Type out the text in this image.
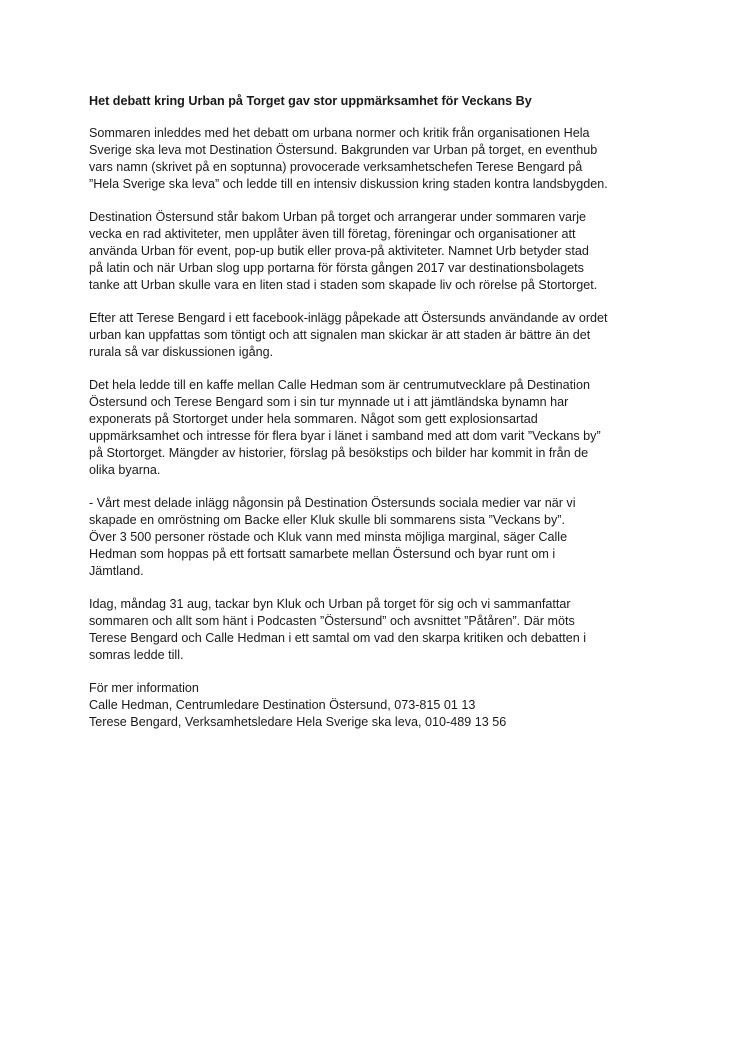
Het debatt kring Urban på Torget gav stor uppmärksamhet för Veckans By
Sommaren inleddes med het debatt om urbana normer och kritik från organisationen Hela
Sverige ska leva mot Destination Östersund. Bakgrunden var Urban på torget, en eventhub
vars namn (skrivet på en soptunna) provocerade verksamhetschefen Terese Bengard på
”Hela Sverige ska leva” och ledde till en intensiv diskussion kring staden kontra landsbygden.
Destination Östersund står bakom Urban på torget och arrangerar under sommaren varje
vecka en rad aktiviteter, men upplåter även till företag, föreningar och organisationer att
använda Urban för event, pop-up butik eller prova-på aktiviteter. Namnet Urb betyder stad
på latin och när Urban slog upp portarna för första gången 2017 var destinationsbolagets
tanke att Urban skulle vara en liten stad i staden som skapade liv och rörelse på Stortorget.
Efter att Terese Bengard i ett facebook-inlägg påpekade att Östersunds användande av ordet
urban kan uppfattas som töntigt och att signalen man skickar är att staden är bättre än det
rurala så var diskussionen igång.
Det hela ledde till en kaffe mellan Calle Hedman som är centrumutvecklare på Destination
Östersund och Terese Bengard som i sin tur mynnade ut i att jämtländska bynamn har
exponerats på Stortorget under hela sommaren. Något som gett explosionsartad
uppmärksamhet och intresse för flera byar i länet i samband med att dom varit ”Veckans by”
på Stortorget. Mängder av historier, förslag på besökstips och bilder har kommit in från de
olika byarna.
- Vårt mest delade inlägg någonsin på Destination Östersunds sociala medier var när vi
skapade en omröstning om Backe eller Kluk skulle bli sommarens sista ”Veckans by”.
Över 3 500 personer röstade och Kluk vann med minsta möjliga marginal, säger Calle
Hedman som hoppas på ett fortsatt samarbete mellan Östersund och byar runt om i
Jämtland.
Idag, måndag 31 aug, tackar byn Kluk och Urban på torget för sig och vi sammanfattar
sommaren och allt som hänt i Podcasten ”Östersund” och avsnittet ”Påtåren”. Där möts
Terese Bengard och Calle Hedman i ett samtal om vad den skarpa kritiken och debatten i
somras ledde till.
För mer information
Calle Hedman, Centrumledare Destination Östersund, 073-815 01 13
Terese Bengard, Verksamhetsledare Hela Sverige ska leva, 010-489 13 56
